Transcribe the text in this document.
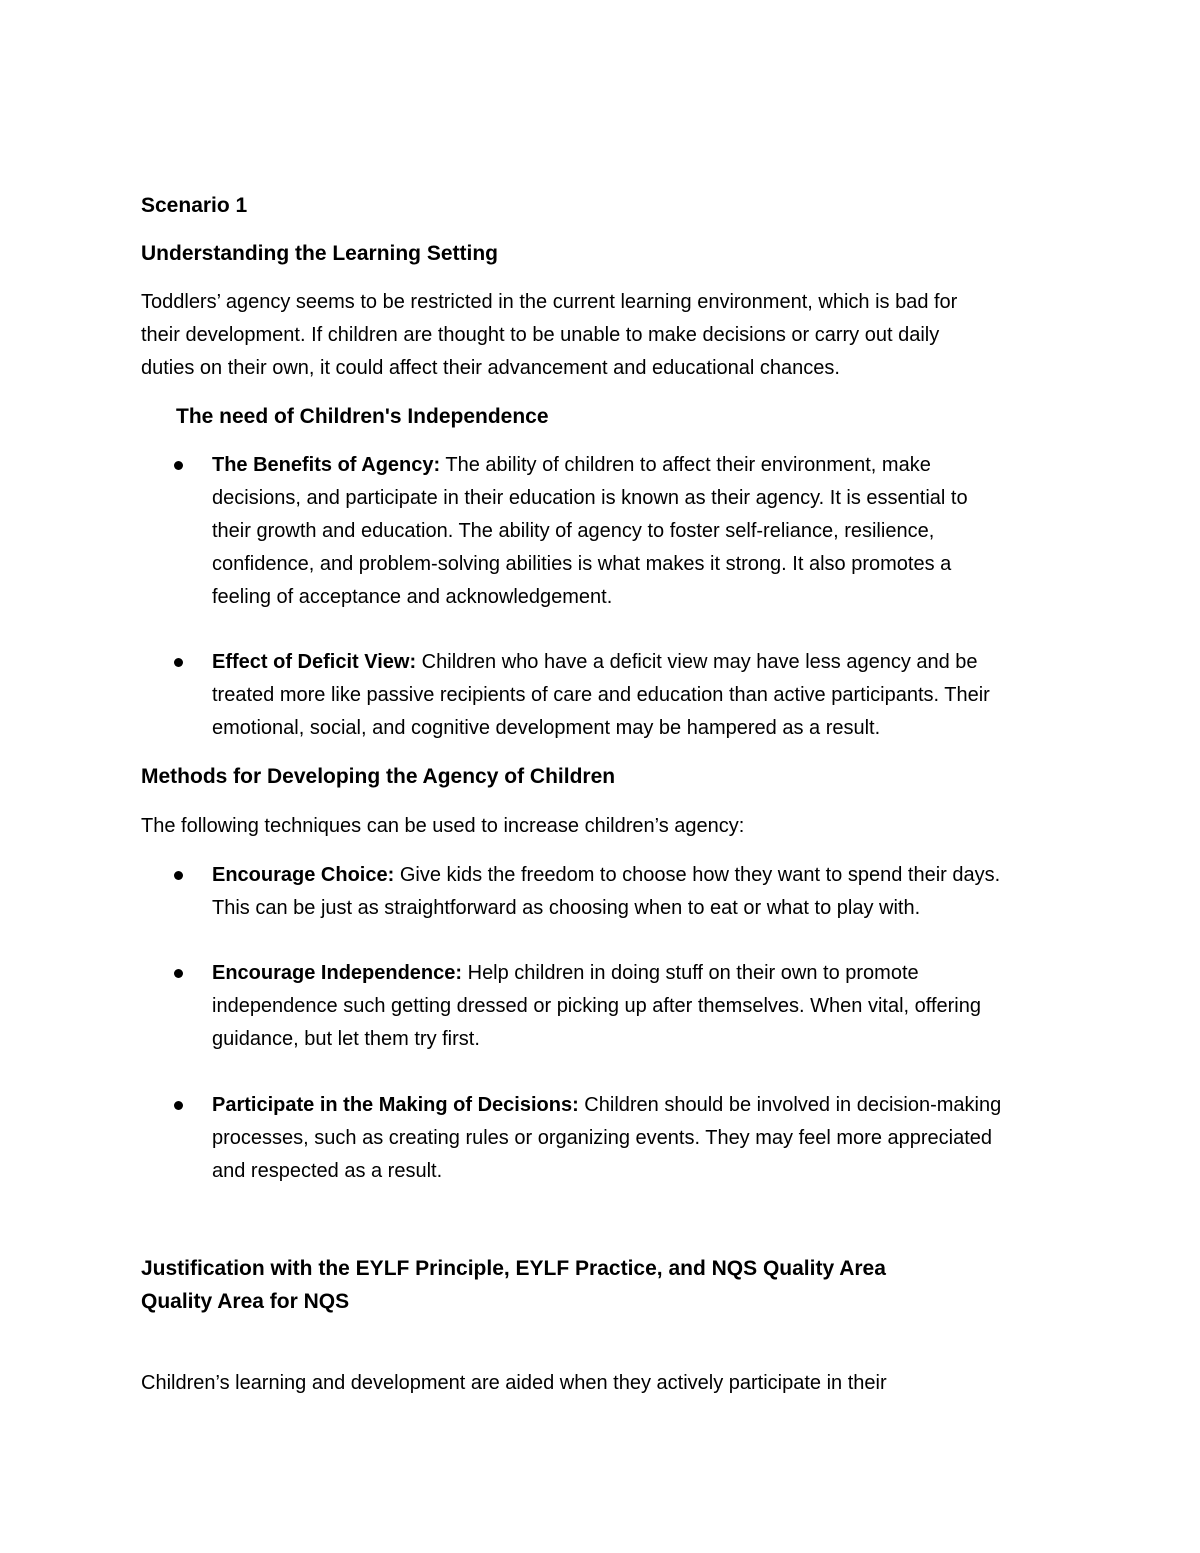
Scenario 1
Understanding the Learning Setting
Toddlers’ agency seems to be restricted in the current learning environment, which is bad for
their development. If children are thought to be unable to make decisions or carry out daily
duties on their own, it could affect their advancement and educational chances.
The need of Children's Independence
The Benefits of Agency: The ability of children to affect their environment, make
decisions, and participate in their education is known as their agency. It is essential to
their growth and education. The ability of agency to foster self-reliance, resilience,
confidence, and problem-solving abilities is what makes it strong. It also promotes a
feeling of acceptance and acknowledgement.
Effect of Deficit View: Children who have a deficit view may have less agency and be
treated more like passive recipients of care and education than active participants. Their
emotional, social, and cognitive development may be hampered as a result.
Methods for Developing the Agency of Children
The following techniques can be used to increase children’s agency:
Encourage Choice: Give kids the freedom to choose how they want to spend their days.
This can be just as straightforward as choosing when to eat or what to play with.
Encourage Independence: Help children in doing stuff on their own to promote
independence such getting dressed or picking up after themselves. When vital, offering
guidance, but let them try first.
Participate in the Making of Decisions: Children should be involved in decision-making
processes, such as creating rules or organizing events. They may feel more appreciated
and respected as a result.
Justification with the EYLF Principle, EYLF Practice, and NQS Quality Area
Quality Area for NQS
Children’s learning and development are aided when they actively participate in their
